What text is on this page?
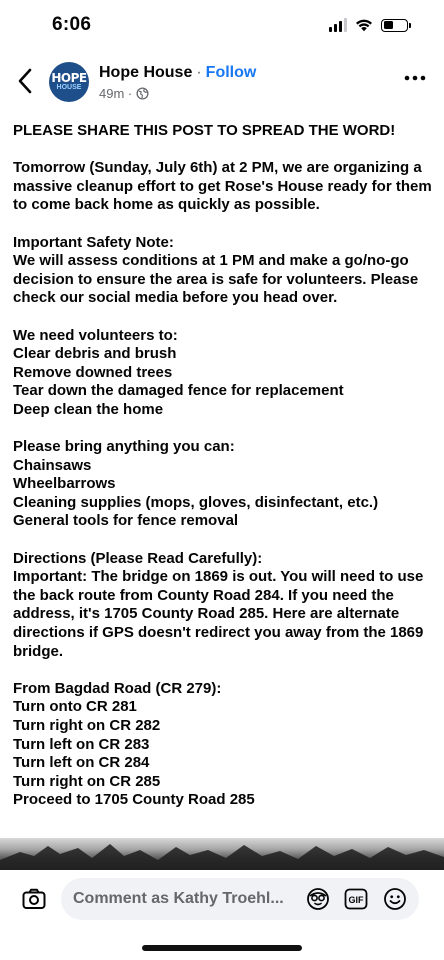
6:06
HOPE
HOUSE
Hope House · Follow
49m ·

PLEASE SHARE THIS POST TO SPREAD THE WORD!

Tomorrow (Sunday, July 6th) at 2 PM, we are organizing a massive cleanup effort to get Rose's House ready for them to come back home as quickly as possible.

Important Safety Note:
We will assess conditions at 1 PM and make a go/no-go decision to ensure the area is safe for volunteers. Please check our social media before you head over.

We need volunteers to:
Clear debris and brush
Remove downed trees
Tear down the damaged fence for replacement
Deep clean the home

Please bring anything you can:
Chainsaws
Wheelbarrows
Cleaning supplies (mops, gloves, disinfectant, etc.)
General tools for fence removal

Directions (Please Read Carefully):
Important: The bridge on 1869 is out. You will need to use the back route from County Road 284. If you need the address, it's 1705 County Road 285. Here are alternate directions if GPS doesn't redirect you away from the 1869 bridge.

From Bagdad Road (CR 279):
Turn onto CR 281
Turn right on CR 282
Turn left on CR 283
Turn left on CR 284
Turn right on CR 285
Proceed to 1705 County Road 285

Comment as Kathy Troehl...	GIF
